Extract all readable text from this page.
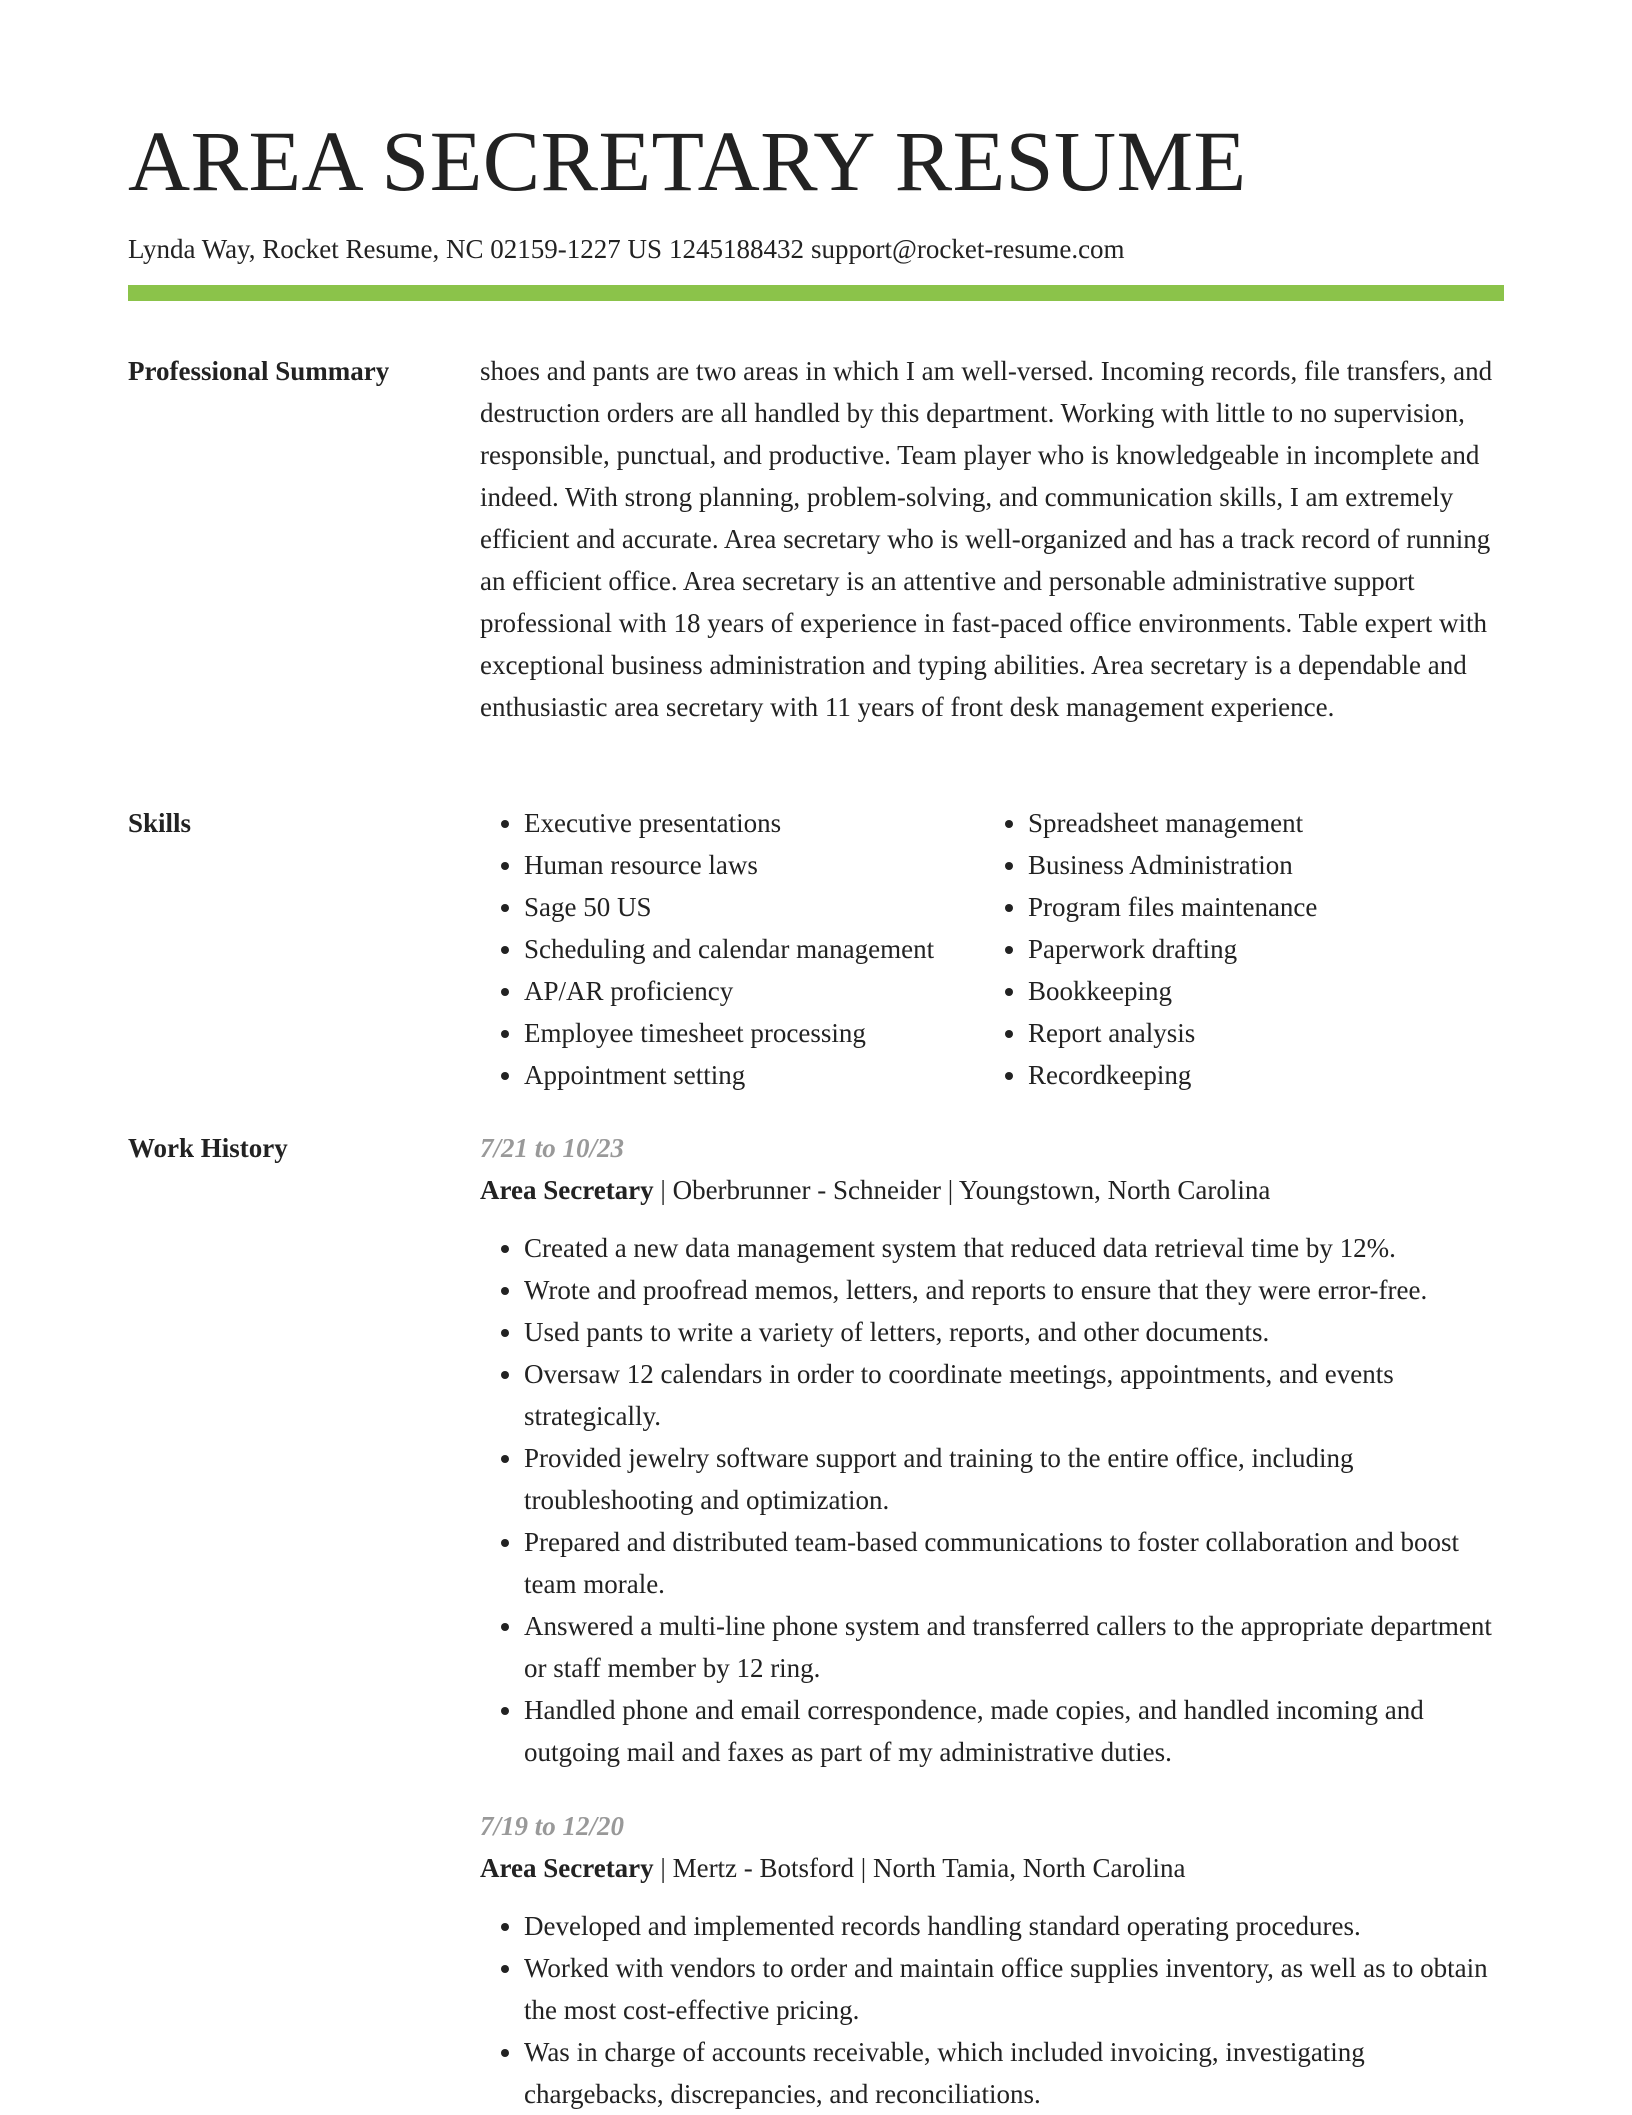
AREA SECRETARY RESUME
Lynda Way, Rocket Resume, NC 02159-1227 US 1245188432 support@rocket-resume.com
Professional Summary	shoes and pants are two areas in which I am well-versed. Incoming records, file transfers, and destruction orders are all handled by this department. Working with little to no supervision, responsible, punctual, and productive. Team player who is knowledgeable in incomplete and indeed. With strong planning, problem-solving, and communication skills, I am extremely efficient and accurate. Area secretary who is well-organized and has a track record of running an efficient office. Area secretary is an attentive and personable administrative support professional with 18 years of experience in fast-paced office environments. Table expert with exceptional business administration and typing abilities. Area secretary is a dependable and enthusiastic area secretary with 11 years of front desk management experience.

Skills
•	Executive presentations
• Human resource laws
• Sage 50 US
• Scheduling and calendar management
• AP/AR proficiency
• Employee timesheet processing
• Appointment setting
• Spreadsheet management
• Business Administration
• Program files maintenance
• Paperwork drafting
• Bookkeeping
• Report analysis
• Recordkeeping
Work History	7/21 to 10/23
Area Secretary | Oberbrunner - Schneider | Youngstown, North Carolina
• Created a new data management system that reduced data retrieval time by 12%.
• Wrote and proofread memos, letters, and reports to ensure that they were error-free.
• Used pants to write a variety of letters, reports, and other documents.
• Oversaw 12 calendars in order to coordinate meetings, appointments, and events strategically.
• Provided jewelry software support and training to the entire office, including troubleshooting and optimization.
• Prepared and distributed team-based communications to foster collaboration and boost team morale.
• Answered a multi-line phone system and transferred callers to the appropriate department or staff member by 12 ring.
• Handled phone and email correspondence, made copies, and handled incoming and outgoing mail and faxes as part of my administrative duties.
7/19 to 12/20
Area Secretary | Mertz - Botsford | North Tamia, North Carolina
• Developed and implemented records handling standard operating procedures.
• Worked with vendors to order and maintain office supplies inventory, as well as to obtain the most cost-effective pricing.
• Was in charge of accounts receivable, which included invoicing, investigating chargebacks, discrepancies, and reconciliations.
